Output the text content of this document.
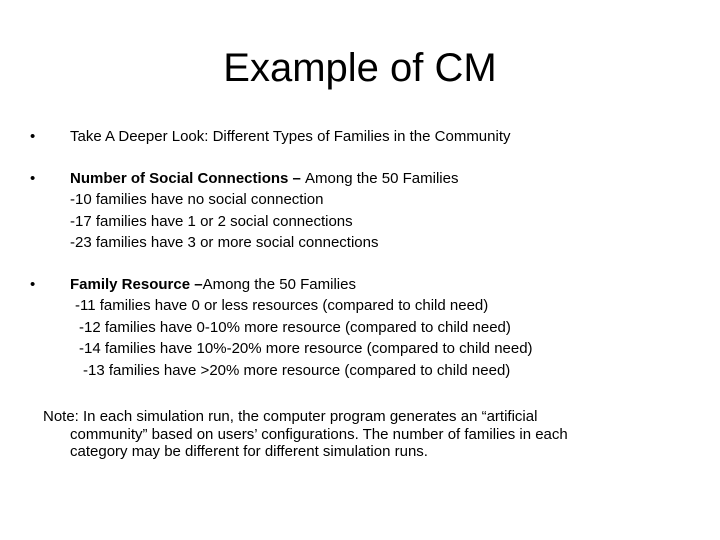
Example of CM
• Take A Deeper Look: Different Types of Families in the Community
• Number of Social Connections – Among the 50 Families
-10 families have no social connection
-17 families have 1 or 2 social connections
-23 families have 3 or more social connections
• Family Resource –Among the 50 Families
-11 families have 0 or less resources (compared to child need)
-12 families have 0-10% more resource (compared to child need)
-14 families have 10%-20% more resource (compared to child need)
-13 families have >20% more resource (compared to child need)
Note: In each simulation run, the computer program generates an “artificial
community” based on users’ configurations. The number of families in each
category may be different for different simulation runs.
